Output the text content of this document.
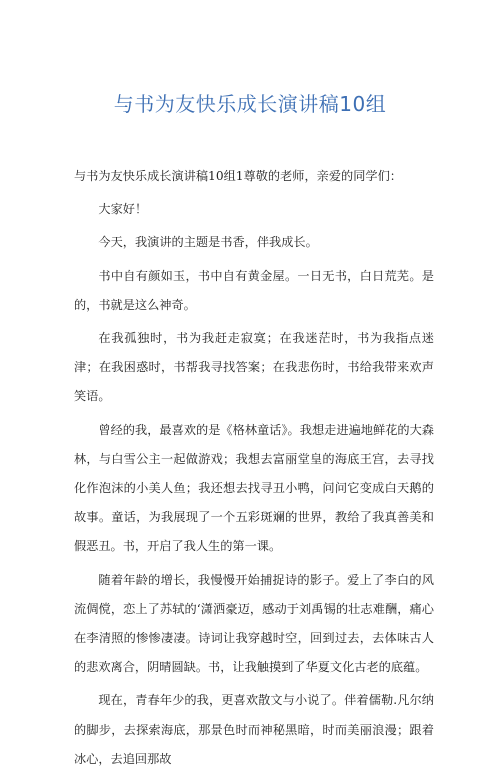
与书为友快乐成长演讲稿10组

与书为友快乐成长演讲稿10组1尊敬的老师，亲爱的同学们：

大家好！

今天，我演讲的主题是书香，伴我成长。

书中自有颜如玉，书中自有黄金屋。一日无书，白日荒芜。是的，书就是这么神奇。

在我孤独时，书为我赶走寂寞；在我迷茫时，书为我指点迷津；在我困惑时，书帮我寻找答案；在我悲伤时，书给我带来欢声笑语。

曾经的我，最喜欢的是《格林童话》。我想走进遍地鲜花的大森林，与白雪公主一起做游戏；我想去富丽堂皇的海底王宫，去寻找化作泡沫的小美人鱼；我还想去找寻丑小鸭，问问它变成白天鹅的故事。童话，为我展现了一个五彩斑斓的世界，教给了我真善美和假恶丑。书，开启了我人生的第一课。

随着年龄的增长，我慢慢开始捕捉诗的影子。爱上了李白的风流倜傥，恋上了苏轼的‘潇洒豪迈，感动于刘禹锡的壮志难酬，痛心在李清照的惨惨凄凄。诗词让我穿越时空，回到过去，去体味古人的悲欢离合，阴晴圆缺。书，让我触摸到了华夏文化古老的底蕴。

现在，青春年少的我，更喜欢散文与小说了。伴着儒勒.凡尔纳的脚步，去探索海底，那景色时而神秘黑暗，时而美丽浪漫；跟着冰心，去追回那故
